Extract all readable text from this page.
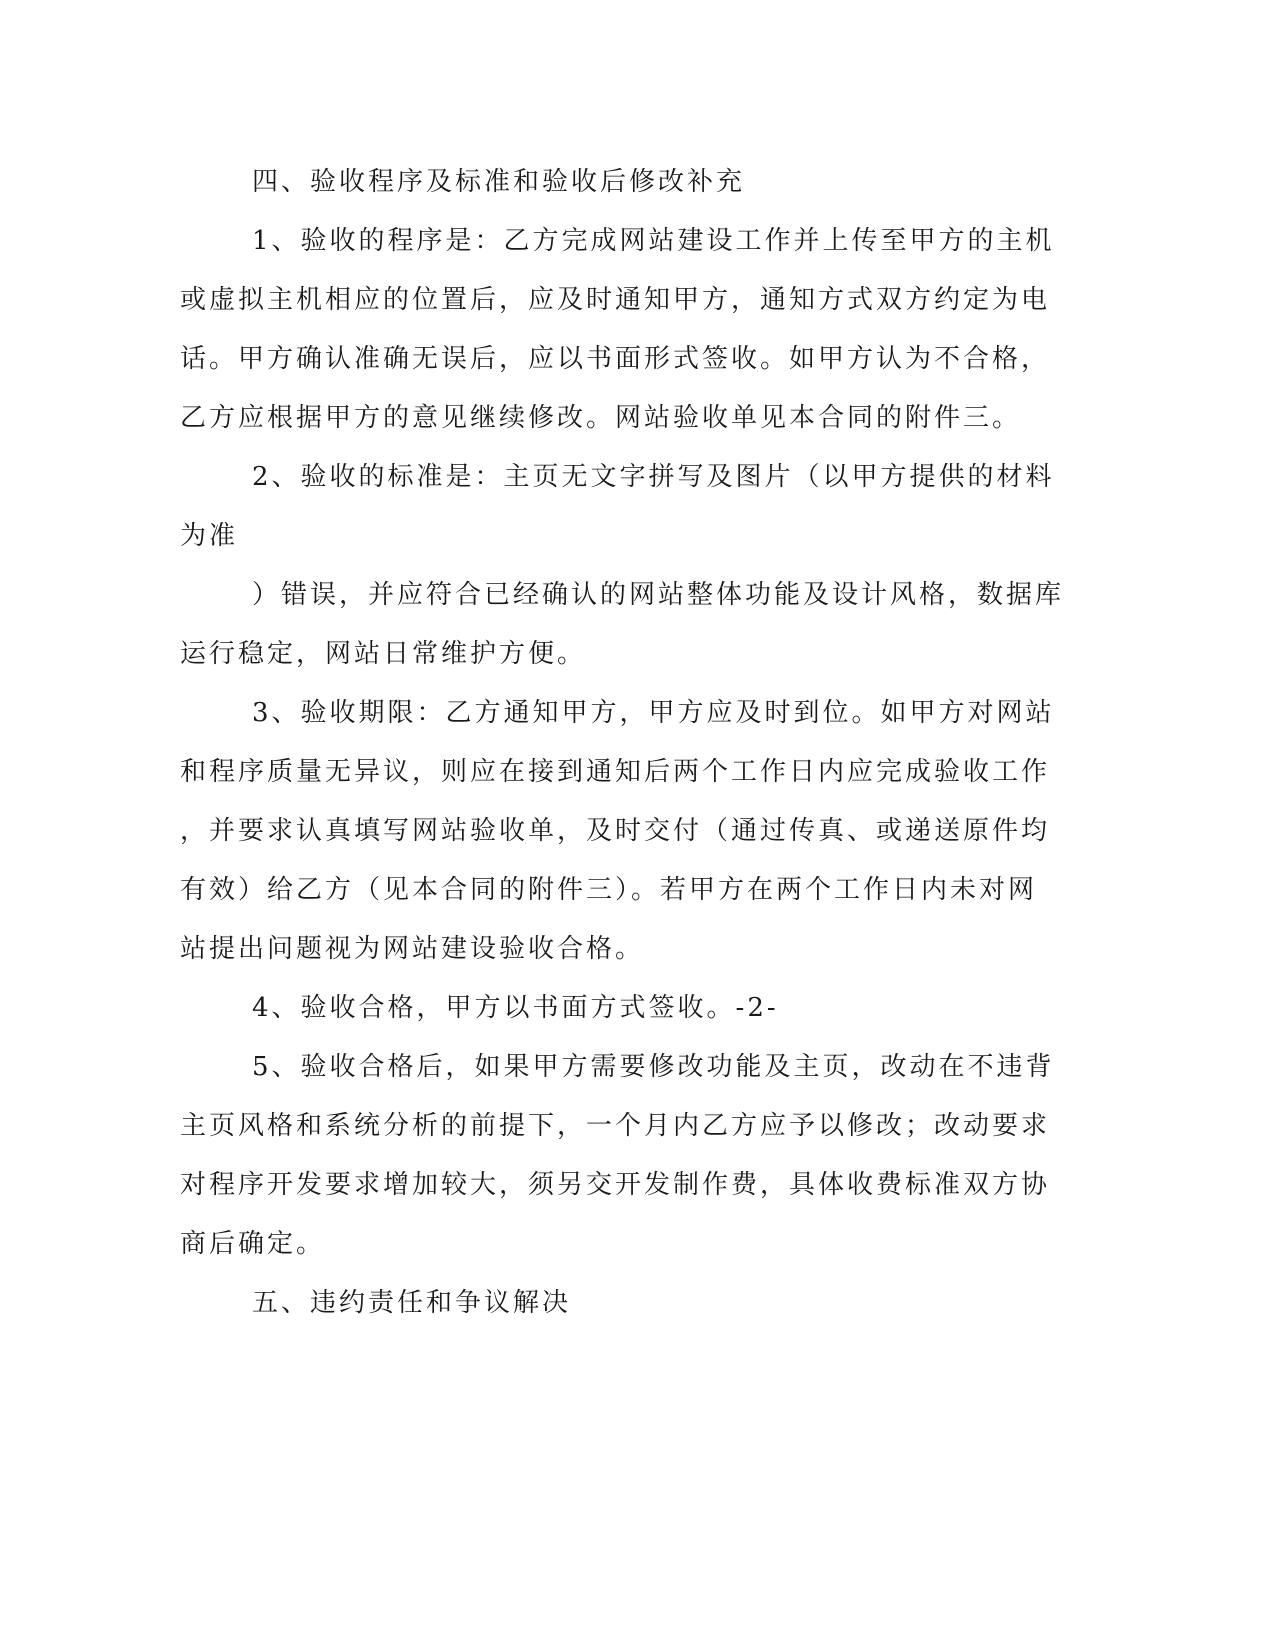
四、验收程序及标准和验收后修改补充

1、验收的程序是：乙方完成网站建设工作并上传至甲方的主机

或虚拟主机相应的位置后，应及时通知甲方，通知方式双方约定为电

话。甲方确认准确无误后，应以书面形式签收。如甲方认为不合格，

乙方应根据甲方的意见继续修改。网站验收单见本合同的附件三。

2、验收的标准是：主页无文字拼写及图片（以甲方提供的材料

为准

）错误，并应符合已经确认的网站整体功能及设计风格，数据库

运行稳定，网站日常维护方便。

3、验收期限：乙方通知甲方，甲方应及时到位。如甲方对网站

和程序质量无异议，则应在接到通知后两个工作日内应完成验收工作

，并要求认真填写网站验收单，及时交付（通过传真、或递送原件均

有效）给乙方（见本合同的附件三）。若甲方在两个工作日内未对网

站提出问题视为网站建设验收合格。

4、验收合格，甲方以书面方式签收。-2-

5、验收合格后，如果甲方需要修改功能及主页，改动在不违背

主页风格和系统分析的前提下，一个月内乙方应予以修改；改动要求

对程序开发要求增加较大，须另交开发制作费，具体收费标准双方协

商后确定。

五、违约责任和争议解决
